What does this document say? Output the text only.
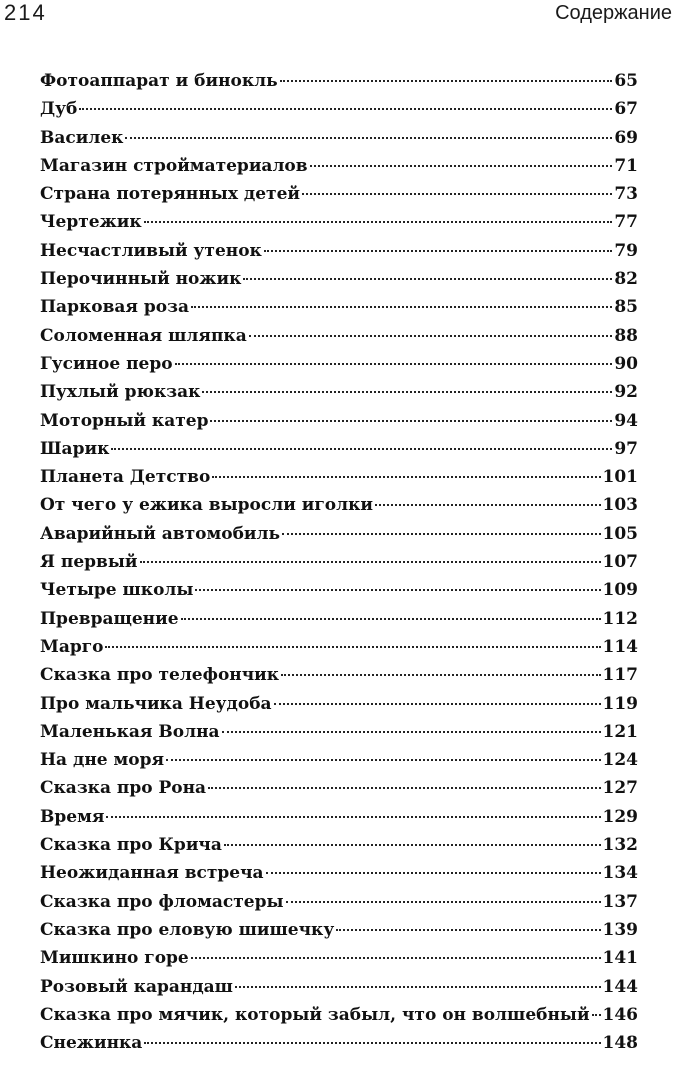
214	Содержание
Фотоаппарат и бинокль	65
Дуб	67
Василек	69
Магазин стройматериалов	71
Страна потерянных детей	73
Чертежик	77
Несчастливый утенок	79
Перочинный ножик	82
Парковая роза	85
Соломенная шляпка	88
Гусиное перо	90
Пухлый рюкзак	92
Моторный катер	94
Шарик	97
Планета Детство	101
От чего у ежика выросли иголки	103
Аварийный автомобиль	105
Я первый	107
Четыре школы	109
Превращение	112
Марго	114
Сказка про телефончик	117
Про мальчика Неудоба	119
Маленькая Волна	121
На дне моря	124
Сказка про Рона	127
Время	129
Сказка про Крича	132
Неожиданная встреча	134
Сказка про фломастеры	137
Сказка про еловую шишечку	139
Мишкино горе	141
Розовый карандаш	144
Сказка про мячик, который забыл, что он волшебный 146
Снежинка	148
